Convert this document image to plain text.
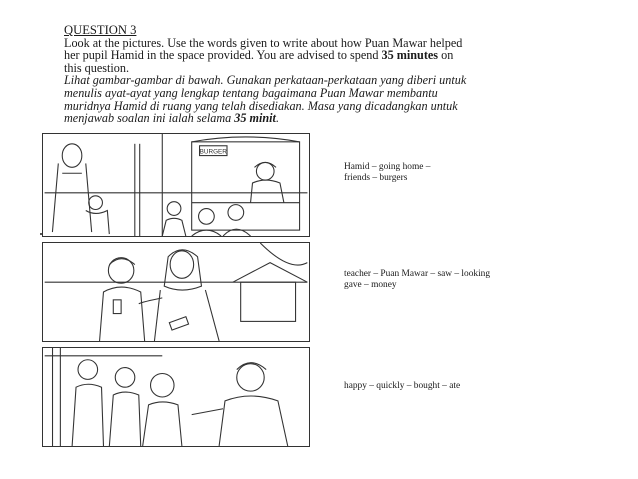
QUESTION 3

Look at the pictures. Use the words given to write about how Puan Mawar helped

her pupil Hamid in the space provided. You are advised to spend 35 minutes on

this question.

Lihat gambar-gambar di bawah. Gunakan perkataan-perkataan yang diberi untuk

menulis ayat-ayat yang lengkap tentang bagaimana Puan Mawar membantu

muridnya Hamid di ruang yang telah disediakan. Masa yang dicadangkan untuk

menjawab soalan ini ialah selama 35 minit.

BURGER
Hamid – going home –
friends – burgers
teacher – Puan Mawar – saw – looking
gave – money
happy – quickly – bought – ate
